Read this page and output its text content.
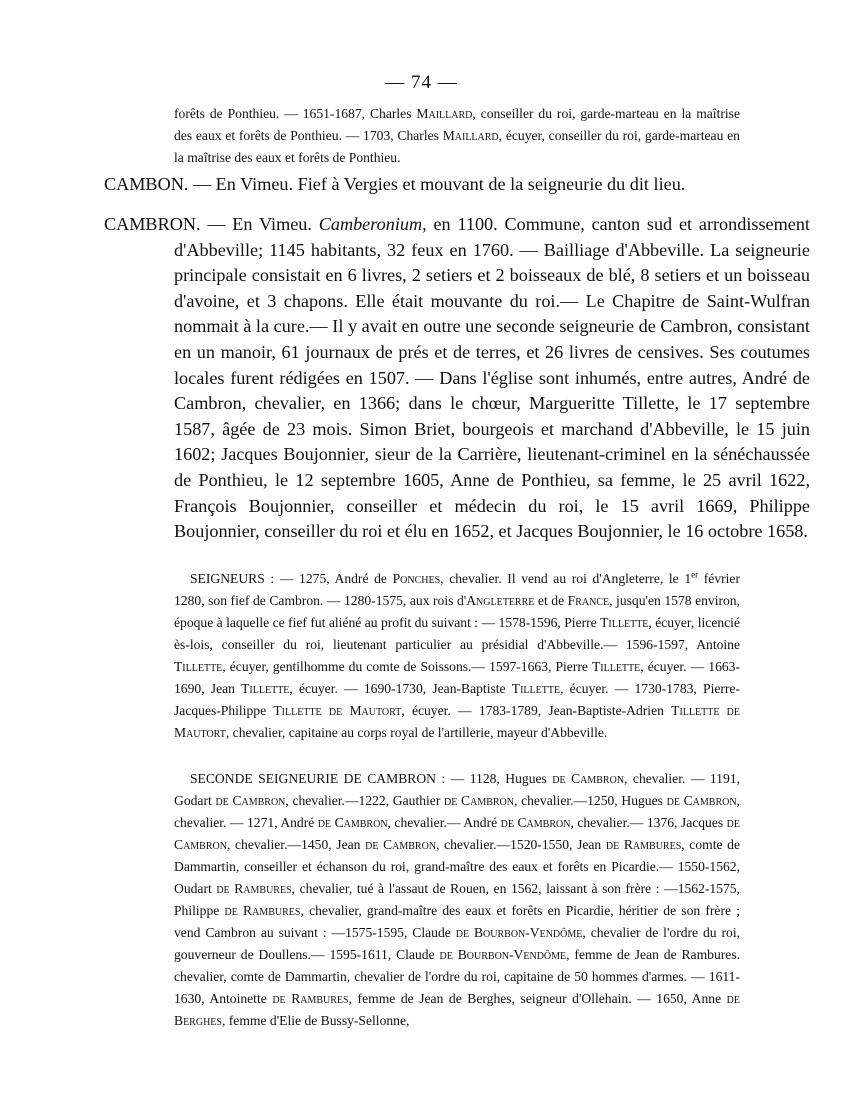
— 74 —

forêts de Ponthieu. — 1651-1687, Charles Maillard, conseiller du roi, garde-marteau en la maîtrise des eaux et forêts de Ponthieu. — 1703, Charles Maillard, écuyer, conseiller du roi, garde-marteau en la maîtrise des eaux et forêts de Ponthieu.

CAMBON. — En Vimeu. Fief à Vergies et mouvant de la seigneurie du dit lieu.

CAMBRON. — En Vimeu. Camberonium, en 1100. Commune, canton sud et arrondissement d'Abbeville; 1145 habitants, 32 feux en 1760. — Bailliage d'Abbeville. La seigneurie principale consistait en 6 livres, 2 setiers et 2 boisseaux de blé, 8 setiers et un boisseau d'avoine, et 3 chapons. Elle était mouvante du roi.— Le Chapitre de Saint-Wulfran nommait à la cure.— Il y avait en outre une seconde seigneurie de Cambron, consistant en un manoir, 61 journaux de prés et de terres, et 26 livres de censives. Ses coutumes locales furent rédigées en 1507. — Dans l'église sont inhumés, entre autres, André de Cambron, chevalier, en 1366; dans le chœur, Margueritte Tillette, le 17 septembre 1587, âgée de 23 mois. Simon Briet, bourgeois et marchand d'Abbeville, le 15 juin 1602; Jacques Boujonnier, sieur de la Carrière, lieutenant-criminel en la sénéchaussée de Ponthieu, le 12 septembre 1605, Anne de Ponthieu, sa femme, le 25 avril 1622, François Boujonnier, conseiller et médecin du roi, le 15 avril 1669, Philippe Boujonnier, conseiller du roi et élu en 1652, et Jacques Boujonnier, le 16 octobre 1658.

SEIGNEURS : — 1275, André de Ponches, chevalier. Il vend au roi d'Angleterre, le 1er février 1280, son fief de Cambron. — 1280-1575, aux rois d'Angleterre et de France, jusqu'en 1578 environ, époque à laquelle ce fief fut aliéné au profit du suivant : — 1578-1596, Pierre Tillette, écuyer, licencié ès-lois, conseiller du roi, lieutenant particulier au présidial d'Abbeville.— 1596-1597, Antoine Tillette, écuyer, gentilhomme du comte de Soissons.— 1597-1663, Pierre Tillette, écuyer. — 1663-1690, Jean Tillette, écuyer. — 1690-1730, Jean-Baptiste Tillette, écuyer. — 1730-1783, Pierre-Jacques-Philippe Tillette de Mautort, écuyer. — 1783-1789, Jean-Baptiste-Adrien Tillette de Mautort, chevalier, capitaine au corps royal de l'artillerie, mayeur d'Abbeville.

SECONDE SEIGNEURIE DE CAMBRON : — 1128, Hugues de Cambron, chevalier. — 1191, Godart de Cambron, chevalier.—1222, Gauthier de Cambron, chevalier.—1250, Hugues de Cambron, chevalier. — 1271, André de Cambron, chevalier.— André de Cambron, chevalier.— 1376, Jacques de Cambron, chevalier.—1450, Jean de Cambron, chevalier.—1520-1550, Jean de Rambures, comte de Dammartin, conseiller et échanson du roi, grand-maître des eaux et forêts en Picardie.— 1550-1562, Oudart de Rambures, chevalier, tué à l'assaut de Rouen, en 1562, laissant à son frère : —1562-1575, Philippe de Rambures, chevalier, grand-maître des eaux et forêts en Picardie, héritier de son frère ; vend Cambron au suivant : —1575-1595, Claude de Bourbon-Vendôme, chevalier de l'ordre du roi, gouverneur de Doullens.— 1595-1611, Claude de Bourbon-Vendôme, femme de Jean de Rambures. chevalier, comte de Dammartin, chevalier de l'ordre du roi, capitaine de 50 hommes d'armes. — 1611-1630, Antoinette de Rambures, femme de Jean de Berghes, seigneur d'Ollehain. — 1650, Anne de Berghes, femme d'Elie de Bussy-Sellonne,
